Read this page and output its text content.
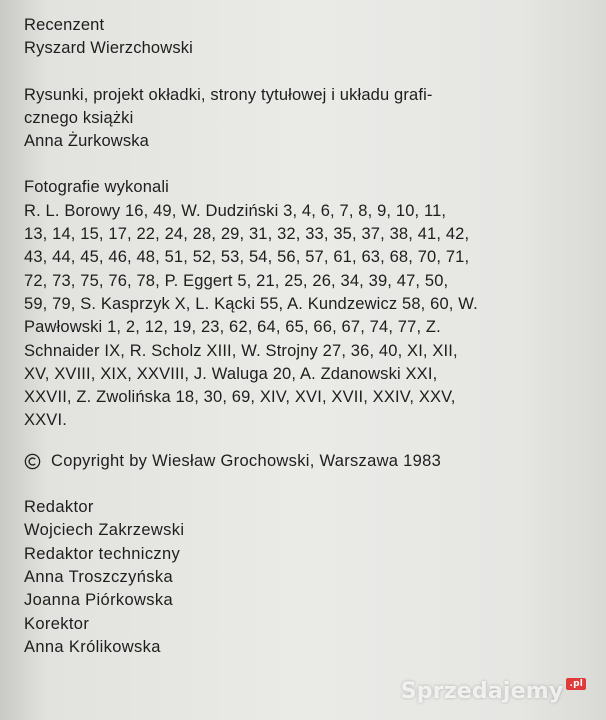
Recenzent
Ryszard Wierzchowski
Rysunki, projekt okładki, strony tytułowej i układu grafi-
cznego książki
Anna Żurkowska
Fotografie wykonali
R. L. Borowy 16, 49, W. Dudziński 3, 4, 6, 7, 8, 9, 10, 11,
13, 14, 15, 17, 22, 24, 28, 29, 31, 32, 33, 35, 37, 38, 41, 42,
43, 44, 45, 46, 48, 51, 52, 53, 54, 56, 57, 61, 63, 68, 70, 71,
72, 73, 75, 76, 78, P. Eggert 5, 21, 25, 26, 34, 39, 47, 50,
59, 79, S. Kasprzyk X, L. Kącki 55, A. Kundzewicz 58, 60, W.
Pawłowski 1, 2, 12, 19, 23, 62, 64, 65, 66, 67, 74, 77, Z.
Schnaider IX, R. Scholz XIII, W. Strojny 27, 36, 40, XI, XII,
XV, XVIII, XIX, XXVIII, J. Waluga 20, A. Zdanowski XXI,
XXVII, Z. Zwolińska 18, 30, 69, XIV, XVI, XVII, XXIV, XXV,
XXVI.
Copyright by Wiesław Grochowski, Warszawa 1983
Redaktor
Wojciech Zakrzewski
Redaktor techniczny
Anna Troszczyńska
Joanna Piórkowska
Korektor
Anna Królikowska
Sprzedajemy .pl
